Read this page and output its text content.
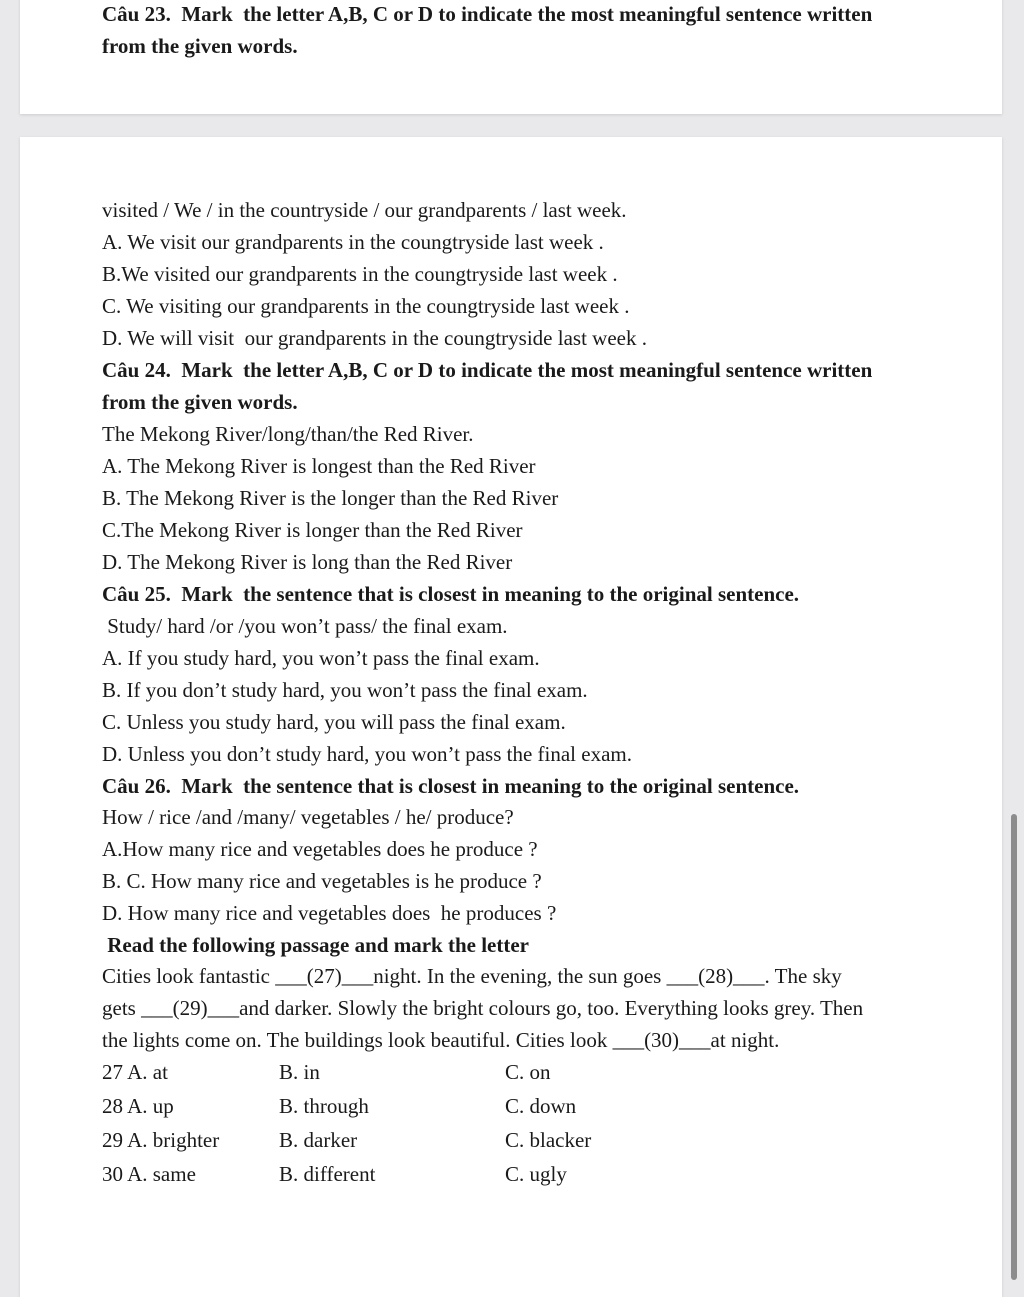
Câu 23.  Mark  the letter A,B, C or D to indicate the most meaningful sentence written
from the given words.
visited / We / in the countryside / our grandparents / last week.
A. We visit our grandparents in the coungtryside last week .
B.We visited our grandparents in the coungtryside last week .
C. We visiting our grandparents in the coungtryside last week .
D. We will visit  our grandparents in the coungtryside last week .
Câu 24.  Mark  the letter A,B, C or D to indicate the most meaningful sentence written
from the given words.
The Mekong River/long/than/the Red River.
A. The Mekong River is longest than the Red River
B. The Mekong River is the longer than the Red River
C.The Mekong River is longer than the Red River
D. The Mekong River is long than the Red River
Câu 25.  Mark  the sentence that is closest in meaning to the original sentence.
Study/ hard /or /you won’t pass/ the final exam.
A. If you study hard, you won’t pass the final exam.
B. If you don’t study hard, you won’t pass the final exam.
C. Unless you study hard, you will pass the final exam.
D. Unless you don’t study hard, you won’t pass the final exam.
Câu 26.  Mark  the sentence that is closest in meaning to the original sentence.
How / rice /and /many/ vegetables / he/ produce?
A.How many rice and vegetables does he produce ?
B. C. How many rice and vegetables is he produce ?
D. How many rice and vegetables does  he produces ?
Read the following passage and mark the letter
Cities look fantastic ___(27)___night. In the evening, the sun goes ___(28)___. The sky
gets ___(29)___and darker. Slowly the bright colours go, too. Everything looks grey. Then
the lights come on. The buildings look beautiful. Cities look ___(30)___at night.
27 A. at	B. in	C. on
28 A. up	B. through	C. down
29 A. brighter	B. darker	C. blacker
30 A. same	B. different	C. ugly
